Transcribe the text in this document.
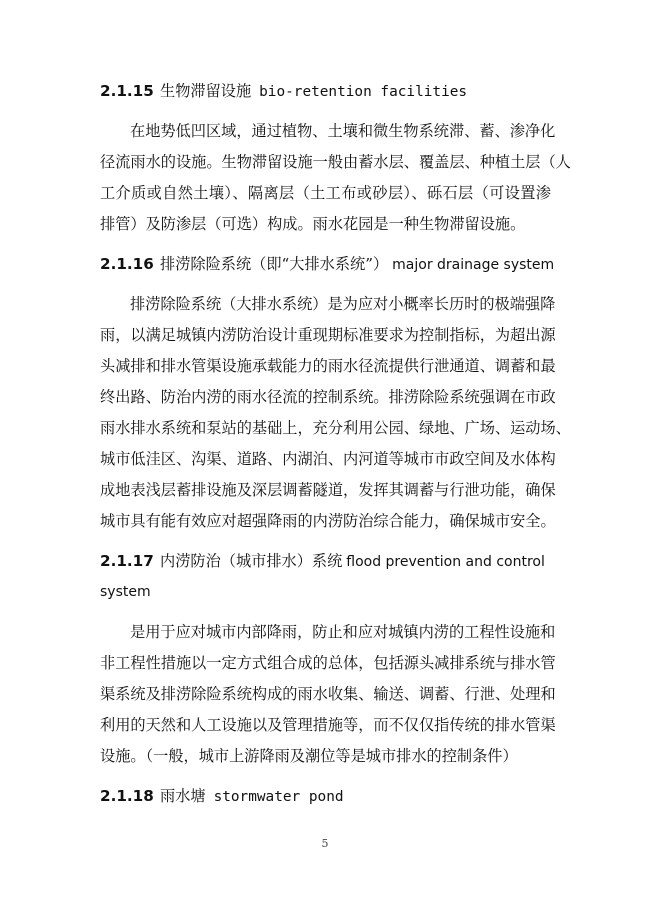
2.1.15 生物滞留设施 bio-retention facilities
在地势低凹区域，通过植物、土壤和微生物系统滞、蓄、渗净化
径流雨水的设施。生物滞留设施一般由蓄水层、覆盖层、种植土层（人
工介质或自然土壤）、隔离层（土工布或砂层）、砾石层（可设置渗
排管）及防渗层（可选）构成。雨水花园是一种生物滞留设施。
2.1.16 排涝除险系统（即“大排水系统”） major drainage system
排涝除险系统（大排水系统）是为应对小概率长历时的极端强降
雨，以满足城镇内涝防治设计重现期标准要求为控制指标，为超出源
头减排和排水管渠设施承载能力的雨水径流提供行泄通道、调蓄和最
终出路、防治内涝的雨水径流的控制系统。排涝除险系统强调在市政
雨水排水系统和泵站的基础上，充分利用公园、绿地、广场、运动场、
城市低洼区、沟渠、道路、内湖泊、内河道等城市市政空间及水体构
成地表浅层蓄排设施及深层调蓄隧道，发挥其调蓄与行泄功能，确保
城市具有能有效应对超强降雨的内涝防治综合能力，确保城市安全。
2.1.17 内涝防治（城市排水）系统 flood prevention and control
system
是用于应对城市内部降雨，防止和应对城镇内涝的工程性设施和
非工程性措施以一定方式组合成的总体，包括源头减排系统与排水管
渠系统及排涝除险系统构成的雨水收集、输送、调蓄、行泄、处理和
利用的天然和人工设施以及管理措施等，而不仅仅指传统的排水管渠
设施。（一般，城市上游降雨及潮位等是城市排水的控制条件）
2.1.18 雨水塘 stormwater pond
5
